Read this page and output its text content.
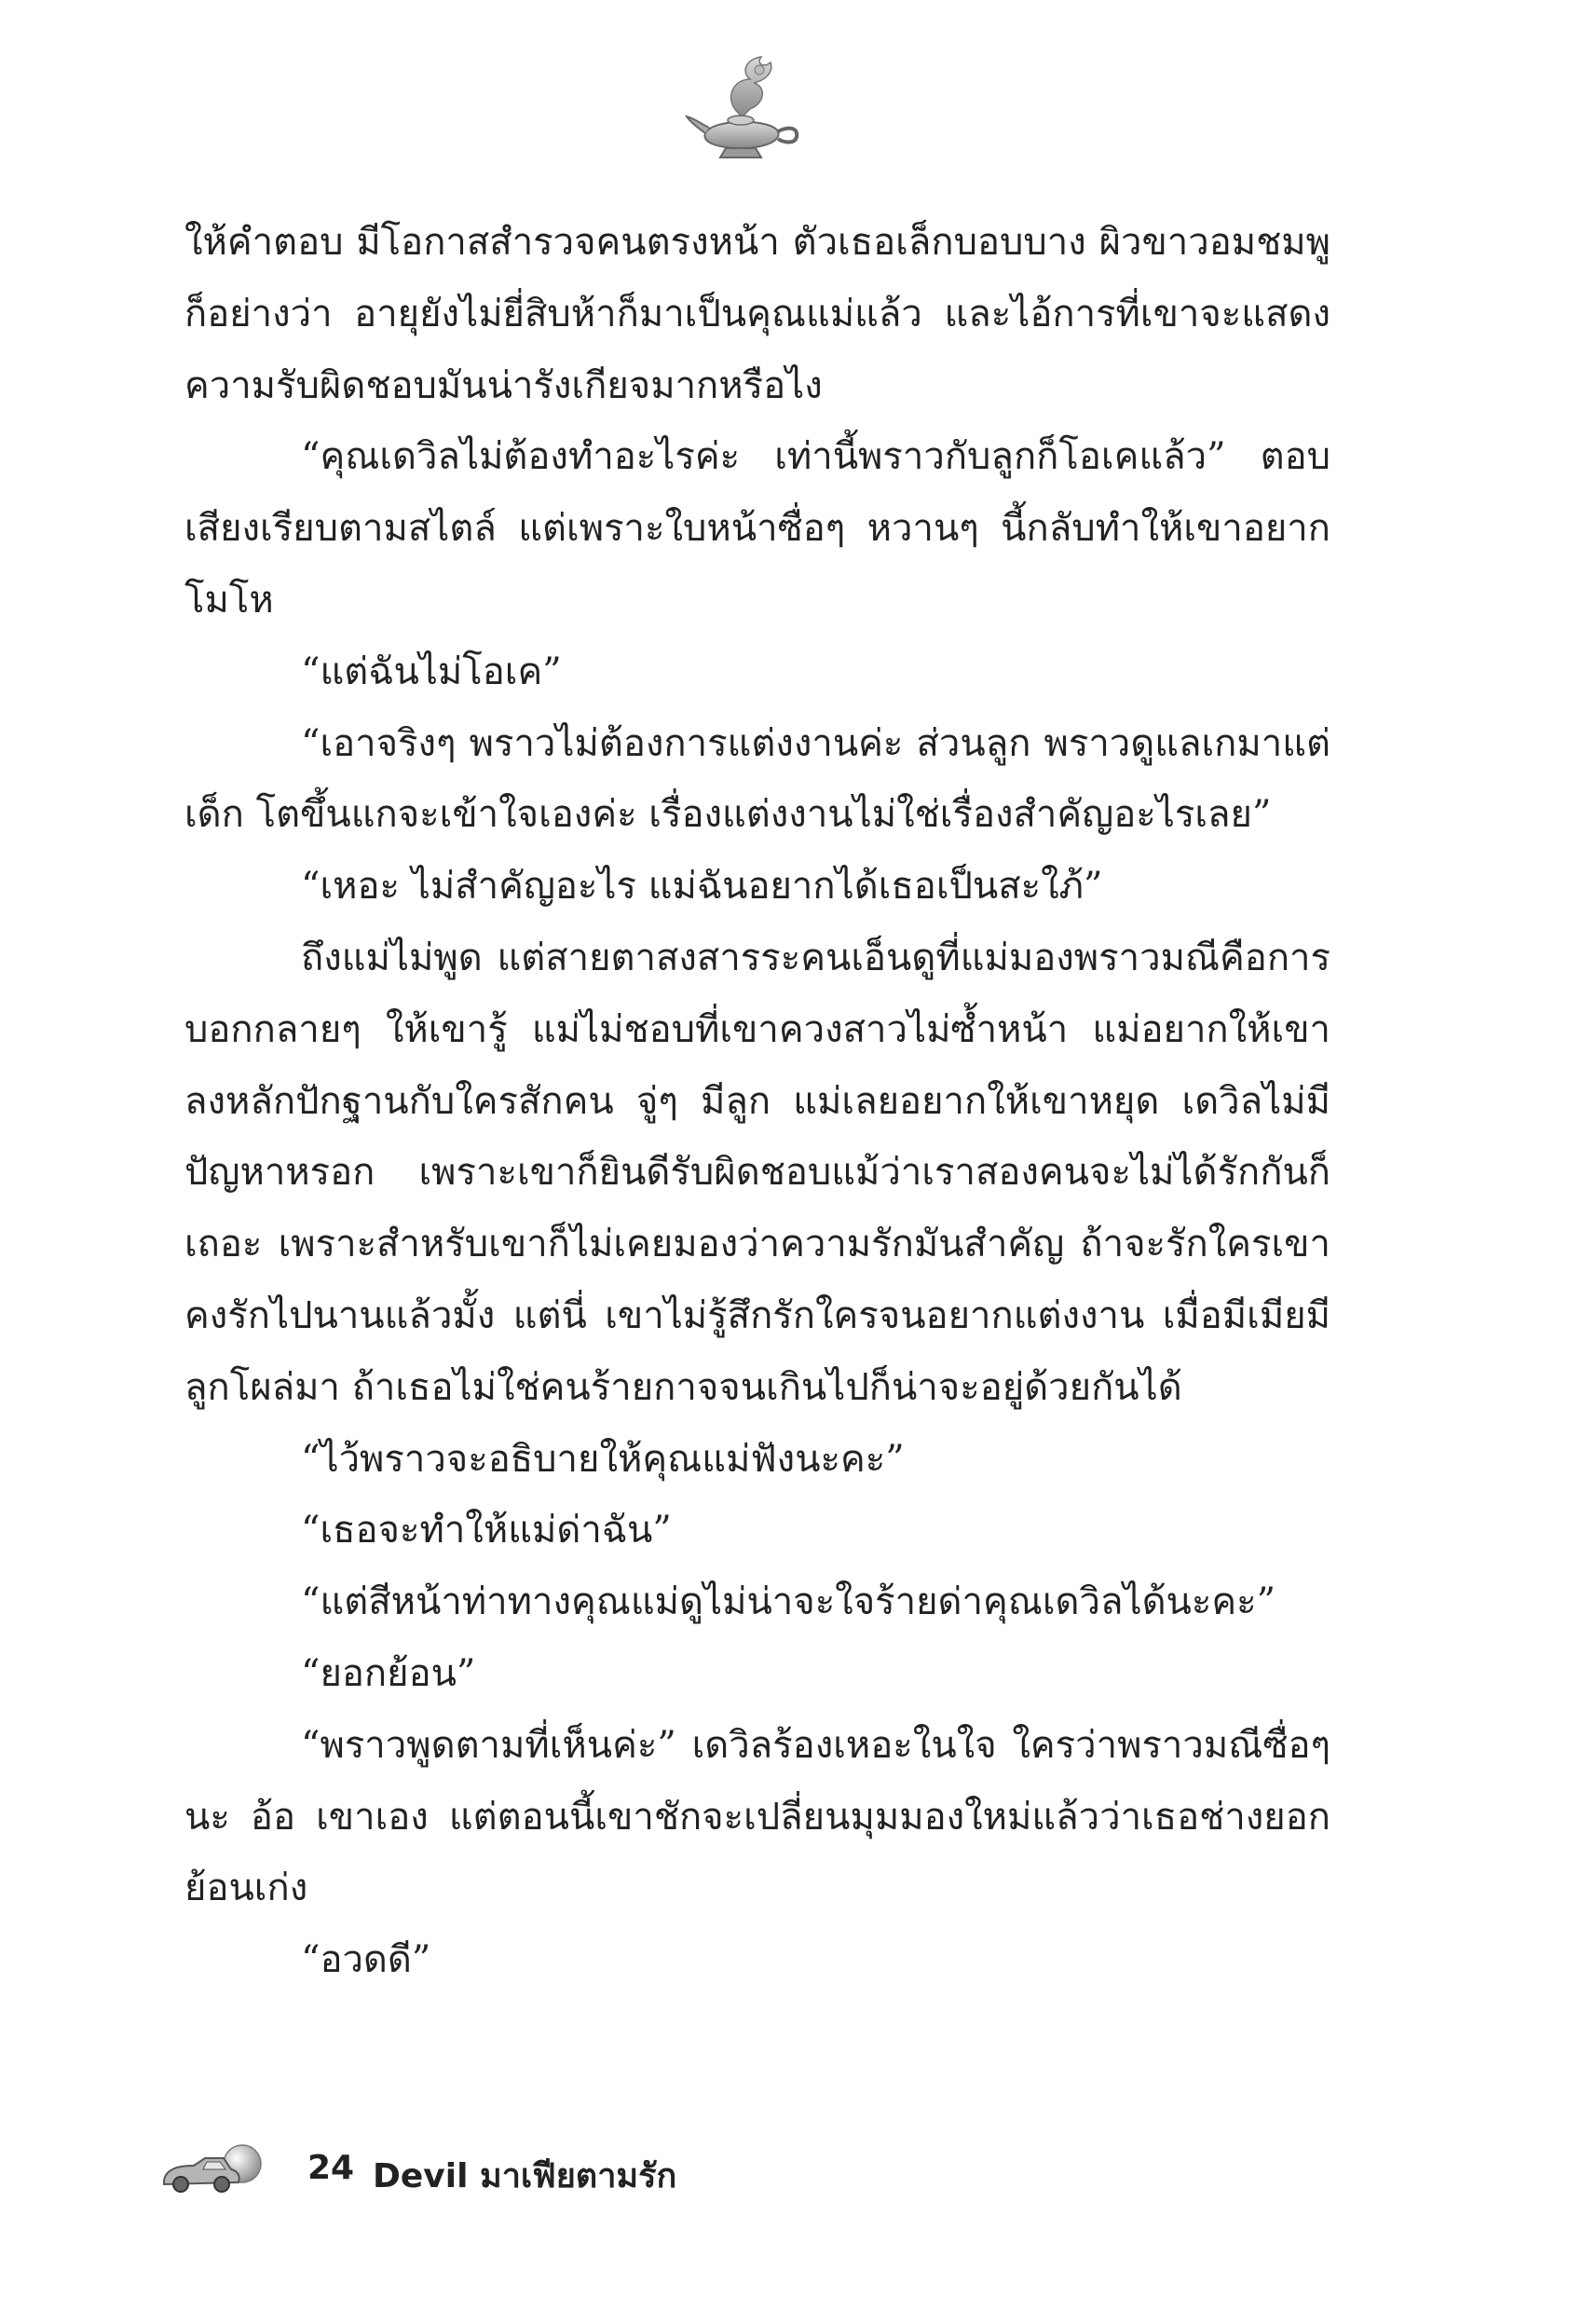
ให้คำตอบ มีโอกาสสำรวจคนตรงหน้า ตัวเธอเล็กบอบบาง ผิวขาวอมชมพู ก็อย่างว่า อายุยังไม่ยี่สิบห้าก็มาเป็นคุณแม่แล้ว และไอ้การที่เขาจะแสดงความรับผิดชอบมันน่ารังเกียจมากหรือไง

“คุณเดวิลไม่ต้องทำอะไรค่ะ เท่านี้พราวกับลูกก็โอเคแล้ว” ตอบเสียงเรียบตามสไตล์ แต่เพราะใบหน้าซื่อๆ หวานๆ นี้กลับทำให้เขาอยากโมโห

“แต่ฉันไม่โอเค”

“เอาจริงๆ พราวไม่ต้องการแต่งงานค่ะ ส่วนลูก พราวดูแลเกมาแต่เด็ก โตขึ้นแกจะเข้าใจเองค่ะ เรื่องแต่งงานไม่ใช่เรื่องสำคัญอะไรเลย”

“เหอะ ไม่สำคัญอะไร แม่ฉันอยากได้เธอเป็นสะใภ้”

ถึงแม่ไม่พูด แต่สายตาสงสารระคนเอ็นดูที่แม่มองพราวมณีคือการบอกกลายๆ ให้เขารู้ แม่ไม่ชอบที่เขาควงสาวไม่ซ้ำหน้า แม่อยากให้เขาลงหลักปักฐานกับใครสักคน จู่ๆ มีลูก แม่เลยอยากให้เขาหยุด เดวิลไม่มีปัญหาหรอก เพราะเขาก็ยินดีรับผิดชอบแม้ว่าเราสองคนจะไม่ได้รักกันก็เถอะ เพราะสำหรับเขาก็ไม่เคยมองว่าความรักมันสำคัญ ถ้าจะรักใครเขาคงรักไปนานแล้วมั้ง แต่นี่ เขาไม่รู้สึกรักใครจนอยากแต่งงาน เมื่อมีเมียมีลูกโผล่มา ถ้าเธอไม่ใช่คนร้ายกาจจนเกินไปก็น่าจะอยู่ด้วยกันได้

“ไว้พราวจะอธิบายให้คุณแม่ฟังนะคะ”

“เธอจะทำให้แม่ด่าฉัน”

“แต่สีหน้าท่าทางคุณแม่ดูไม่น่าจะใจร้ายด่าคุณเดวิลได้นะคะ”

“ยอกย้อน”

“พราวพูดตามที่เห็นค่ะ” เดวิลร้องเหอะในใจ ใครว่าพราวมณีซื่อๆ นะ อ้อ เขาเอง แต่ตอนนี้เขาชักจะเปลี่ยนมุมมองใหม่แล้วว่าเธอช่างยอกย้อนเก่ง

“อวดดี”

24 Devil มาเฟียตามรัก
